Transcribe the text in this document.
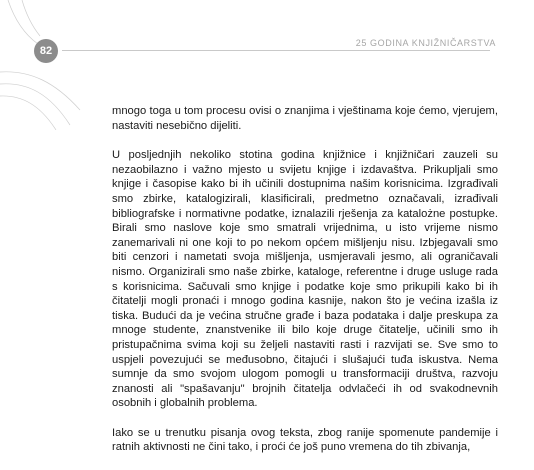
82
25 GODINA KNJIŽNIČARSTVA

mnogo toga u tom procesu ovisi o znanjima i vještinama koje ćemo, vjerujem, nastaviti nesebično dijeliti.

U posljednjih nekoliko stotina godina knjižnice i knjižničari zauzeli su nezaobilazno i važno mjesto u svijetu knjige i izdavaštva. Prikupljali smo knjige i časopise kako bi ih učinili dostupnima našim korisnicima. Izgrađivali smo zbirke, katalogizirali, klasificirali, predmetno označavali, izrađivali bibliografske i normativne podatke, iznalazili rješenja za katalożne postupke. Birali smo naslove koje smo smatrali vrijednima, u isto vrijeme nismo zanemarivali ni one koji to po nekom općem mišljenju nisu. Izbjegavali smo biti cenzori i nametati svoja mišljenja, usmjeravali jesmo, ali ograničavali nismo. Organizirali smo naše zbirke, kataloge, referentne i druge usluge rada s korisnicima. Sačuvali smo knjige i podatke koje smo prikupili kako bi ih čitatelji mogli pronaći i mnogo godina kasnije, nakon što je većina izašla iz tiska. Budući da je većina stručne građe i baza podataka i dalje preskupa za mnoge studente, znanstvenike ili bilo koje druge čitatelje, učinili smo ih pristupačnima svima koji su željeli nastaviti rasti i razvijati se. Sve smo to uspjeli povezujući se međusobno, čitajući i slušajući tuđa iskustva. Nema sumnje da smo svojom ulogom pomogli u transformaciji društva, razvoju znanosti ali "spašavanju" brojnih čitatelja odvlačeći ih od svakodnevnih osobnih i globalnih problema.

Iako se u trenutku pisanja ovog teksta, zbog ranije spomenute pandemije i ratnih aktivnosti ne čini tako, i proći će još puno vremena do tih zbivanja,
